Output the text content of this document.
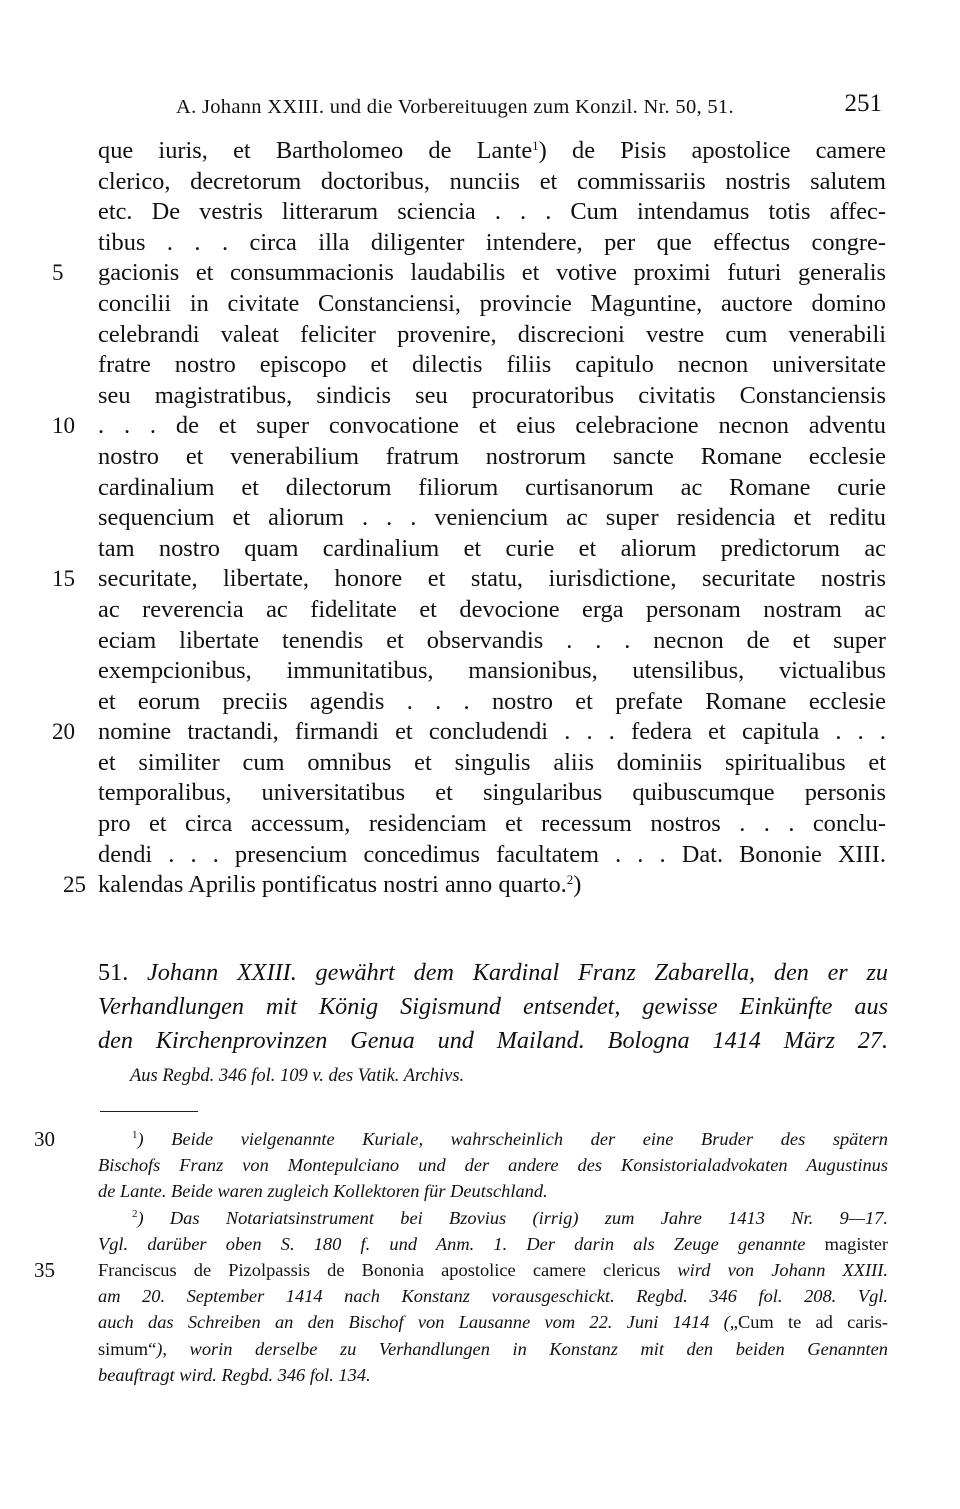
A. Johann XXIII. und die Vorbereituugen zum Konzil. Nr. 50, 51.	251
que iuris, et Bartholomeo de Lante$^1$) de Pisis apostolice camere
clerico, decretorum doctoribus, nunciis et commissariis nostris salutem
etc. De vestris litterarum sciencia . . . Cum intendamus totis affec-
tibus . . . circa illa diligenter intendere, per que effectus congre-
5	gacionis et consummacionis laudabilis et votive proximi futuri generalis
concilii in civitate Constanciensi, provincie Maguntine, auctore domino
celebrandi valeat feliciter provenire, discrecioni vestre cum venerabili
fratre nostro episcopo et dilectis filiis capitulo necnon universitate
seu magistratibus, sindicis seu procuratoribus civitatis Constanciensis
10 . . . de et super convocatione et eius celebracione necnon adventu
nostro et venerabilium fratrum nostrorum sancte Romane ecclesie
cardinalium et dilectorum filiorum curtisanorum ac Romane curie
sequencium et aliorum . . . veniencium ac super residencia et reditu
tam nostro quam cardinalium et curie et aliorum predictorum ac
15 securitate, libertate, honore et statu, iurisdictione, securitate nostris
ac reverencia ac fidelitate et devocione erga personam nostram ac
eciam libertate tenendis et observandis . . . necnon de et super
exempcionibus, immunitatibus, mansionibus, utensilibus, victualibus
et eorum preciis agendis . . . nostro et prefate Romane ecclesie
20 nomine tractandi, firmandi et concludendi . . . federa et capitula . . .
et similiter cum omnibus et singulis aliis dominiis spiritualibus et
temporalibus, universitatibus et singularibus quibuscumque personis
pro et circa accessum, residenciam et recessum nostros . . . conclu-
dendi . . . presencium concedimus facultatem . . . Dat. Bononie XIII.
25 kalendas Aprilis pontificatus nostri anno quarto.$^2$)
51. Johann XXIII. gewährt dem Kardinal Franz Zabarella, den er zu
Verhandlungen mit König Sigismund entsendet, gewisse Einkünfte aus
den Kirchenprovinzen Genua und Mailand. Bologna 1414 März 27.
Aus Regbd. 346 fol. 109 v. des Vatik. Archivs.
30	$^1$) Beide vielgenannte Kuriale, wahrscheinlich der eine Bruder des spätern
Bischofs Franz von Montepulciano und der andere des Konsistorialadvokaten Augustinus
de Lante. Beide waren zugleich Kollektoren für Deutschland.
$^2$) Das Notariatsinstrument bei Bzovius (irrig) zum Jahre 1413 Nr. 9—17.
Vgl. darüber oben S. 180 f. und Anm. 1. Der darin als Zeuge genannte magister
35	Franciscus de Pizolpassis de Bononia apostolice camere clericus wird von Johann XXIII.
am 20. September 1414 nach Konstanz vorausgeschickt. Regbd. 346 fol. 208. Vgl.
auch das Schreiben an den Bischof von Lausanne vom 22. Juni 1414 („Cum te ad caris-
simum“), worin derselbe zu Verhandlungen in Konstanz mit den beiden Genannten
beauftragt wird. Regbd. 346 fol. 134.
